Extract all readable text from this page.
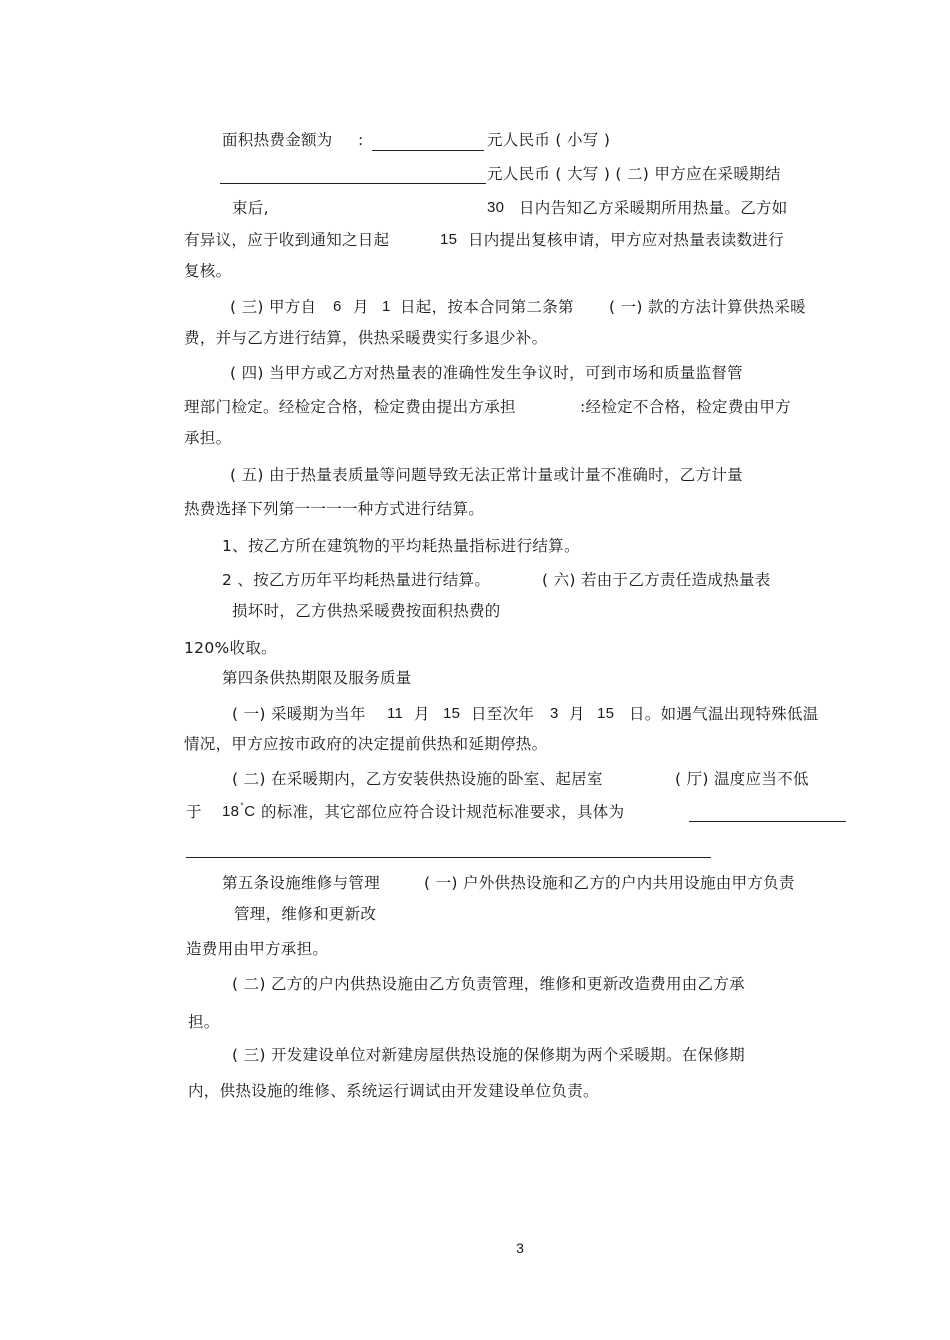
面积热费金额为 :	元人民币 ( 小写 )
元人民币 ( 大写 ) ( 二) 甲方应在采暖期结
束后,	30 日内告知乙方采暖期所用热量。乙方如
有异议，应于收到通知之日起	15 日内提出复核申请，甲方应对热量表读数进行
复核。
( 三) 甲方自 6 月 1 日起，按本合同第二条第 ( 一) 款的方法计算供热采暖
费，并与乙方进行结算，供热采暖费实行多退少补。
( 四) 当甲方或乙方对热量表的准确性发生争议时，可到市场和质量监督管
理部门检定。经检定合格，检定费由提出方承担	:经检定不合格，检定费由甲方
承担。
( 五) 由于热量表质量等问题导致无法正常计量或计量不准确时，乙方计量
热费选择下列第一一一一种方式进行结算。
1、按乙方所在建筑物的平均耗热量指标进行结算。
2 、按乙方历年平均耗热量进行结算。	( 六) 若由于乙方责任造成热量表
损坏时，乙方供热采暖费按面积热费的
120%收取。
第四条供热期限及服务质量
( 一) 采暖期为当年 11 月 15 日至次年 3 月 15 日。如遇气温出现特殊低温
情况，甲方应按市政府的决定提前供热和延期停热。
( 二) 在采暖期内，乙方安装供热设施的卧室、起居室	( 厅) 温度应当不低
于 18°C 的标准，其它部位应符合设计规范标准要求，具体为
第五条设施维修与管理	( 一) 户外供热设施和乙方的户内共用设施由甲方负责
管理，维修和更新改
造费用由甲方承担。
( 二) 乙方的户内供热设施由乙方负责管理，维修和更新改造费用由乙方承
担。
( 三) 开发建设单位对新建房屋供热设施的保修期为两个采暖期。在保修期
内，供热设施的维修、系统运行调试由开发建设单位负责。
3
